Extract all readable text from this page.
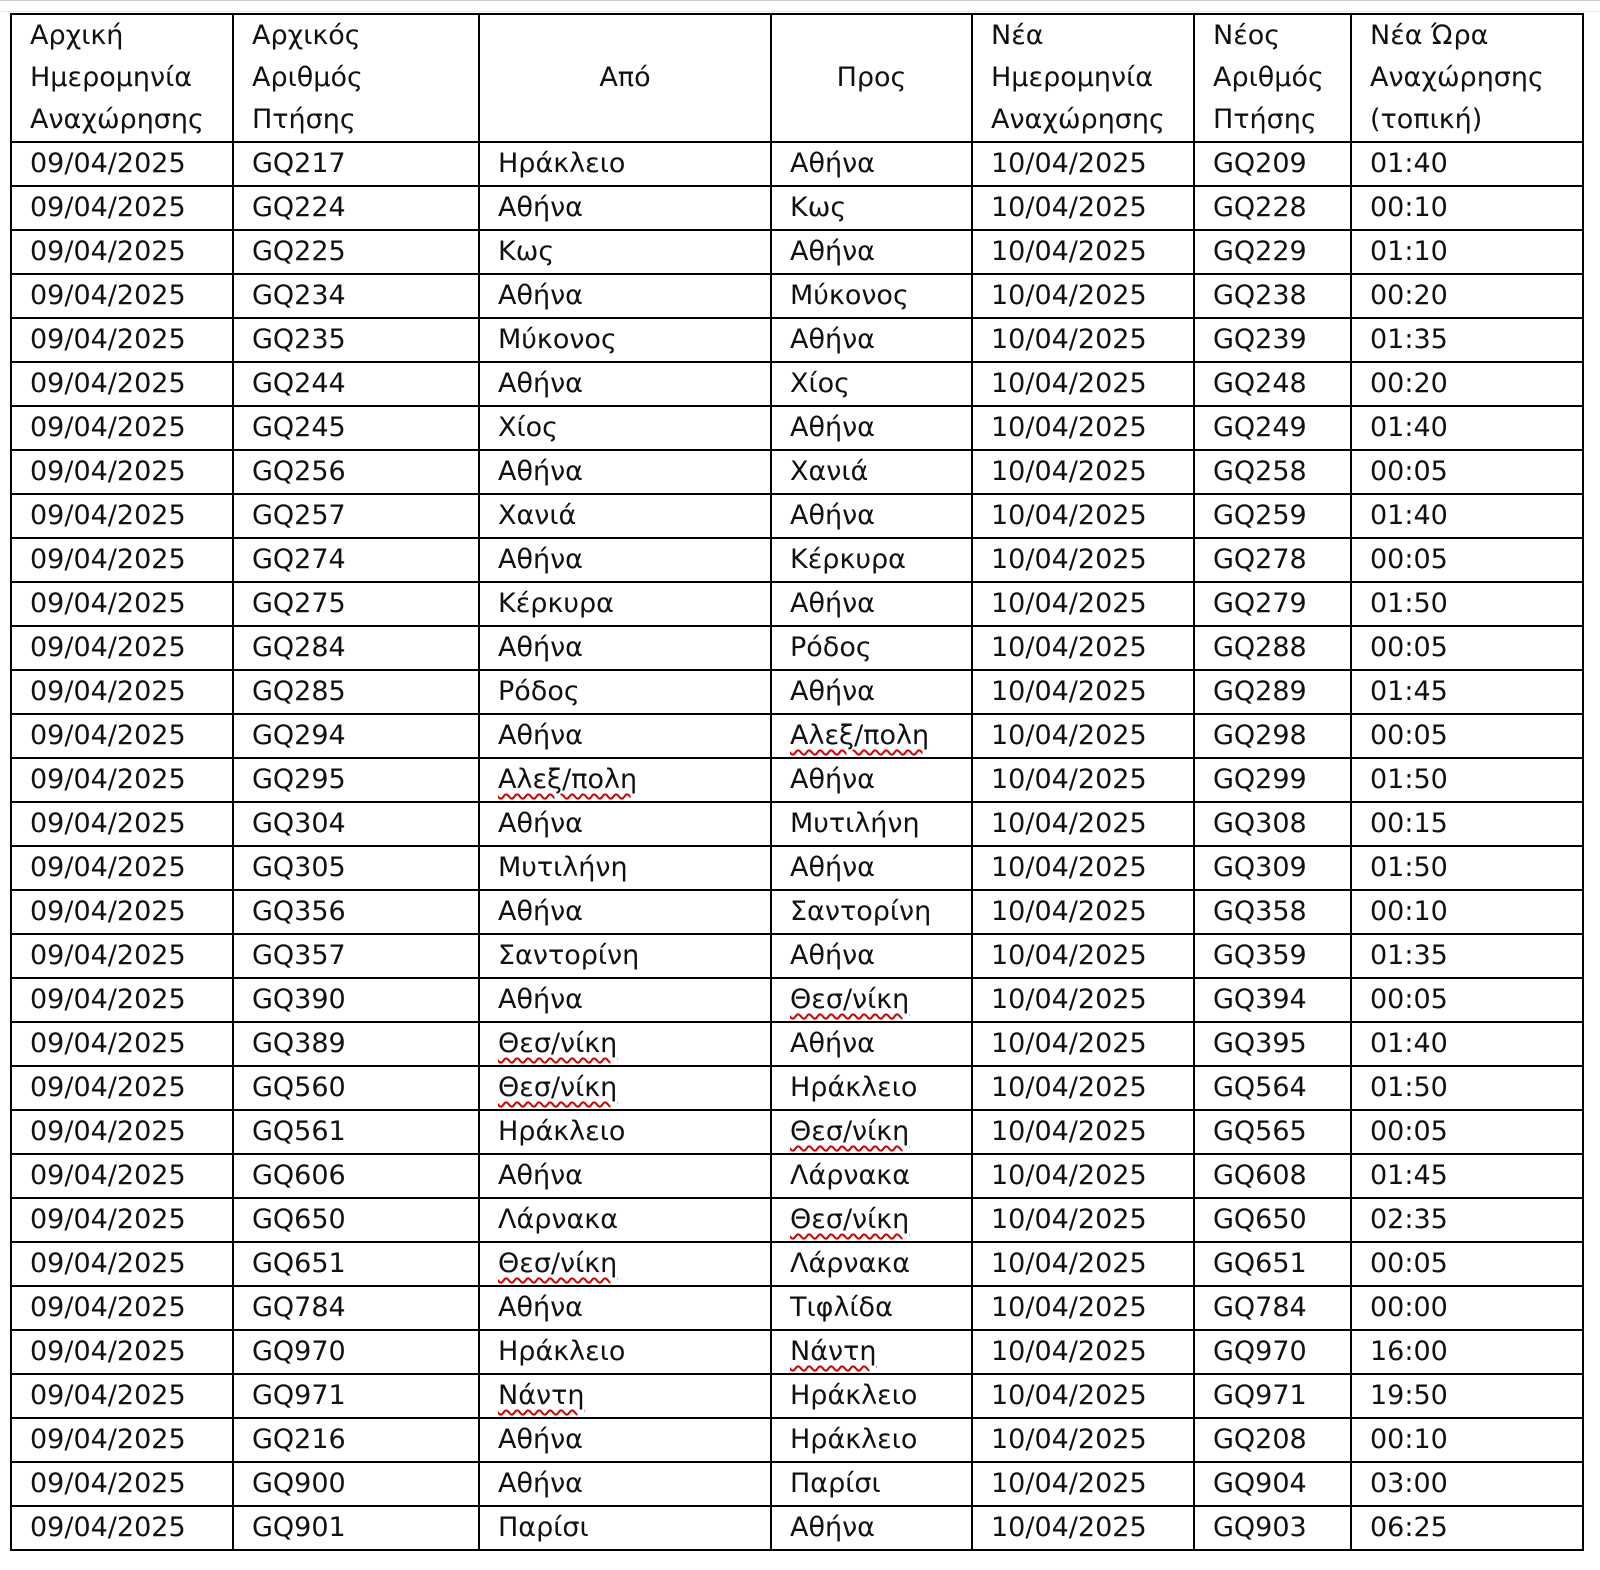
Αρχική
Ημερομηνία
Αναχώρησης	Αρχικός
Αριθμός
Πτήσης	Από	Προς	Νέα
Ημερομηνία
Αναχώρησης	Νέος
Αριθμός
Πτήσης	Νέα Ώρα
Αναχώρησης
(τοπική)

09/04/2025	GQ217	Ηράκλειο	Αθήνα	10/04/2025	GQ209	01:40
09/04/2025	GQ224	Αθήνα	Κως	10/04/2025	GQ228	00:10
09/04/2025	GQ225	Κως	Αθήνα	10/04/2025	GQ229	01:10
09/04/2025	GQ234	Αθήνα	Μύκονος	10/04/2025	GQ238	00:20
09/04/2025	GQ235	Μύκονος	Αθήνα	10/04/2025	GQ239	01:35
09/04/2025	GQ244	Αθήνα	Χίος	10/04/2025	GQ248	00:20
09/04/2025	GQ245	Χίος	Αθήνα	10/04/2025	GQ249	01:40
09/04/2025	GQ256	Αθήνα	Χανιά	10/04/2025	GQ258	00:05
09/04/2025	GQ257	Χανιά	Αθήνα	10/04/2025	GQ259	01:40
09/04/2025	GQ274	Αθήνα	Κέρκυρα	10/04/2025	GQ278	00:05
09/04/2025	GQ275	Κέρκυρα	Αθήνα	10/04/2025	GQ279	01:50
09/04/2025	GQ284	Αθήνα	Ρόδος	10/04/2025	GQ288	00:05
09/04/2025	GQ285	Ρόδος	Αθήνα	10/04/2025	GQ289	01:45
09/04/2025	GQ294	Αθήνα	Αλεξ/πολη	10/04/2025	GQ298	00:05
09/04/2025	GQ295	Αλεξ/πολη	Αθήνα	10/04/2025	GQ299	01:50
09/04/2025	GQ304	Αθήνα	Μυτιλήνη	10/04/2025	GQ308	00:15
09/04/2025	GQ305	Μυτιλήνη	Αθήνα	10/04/2025	GQ309	01:50
09/04/2025	GQ356	Αθήνα	Σαντορίνη	10/04/2025	GQ358	00:10
09/04/2025	GQ357	Σαντορίνη	Αθήνα	10/04/2025	GQ359	01:35
09/04/2025	GQ390	Αθήνα	Θεσ/νίκη	10/04/2025	GQ394	00:05
09/04/2025	GQ389	Θεσ/νίκη	Αθήνα	10/04/2025	GQ395	01:40
09/04/2025	GQ560	Θεσ/νίκη	Ηράκλειο	10/04/2025	GQ564	01:50
09/04/2025	GQ561	Ηράκλειο	Θεσ/νίκη	10/04/2025	GQ565	00:05
09/04/2025	GQ606	Αθήνα	Λάρνακα	10/04/2025	GQ608	01:45
09/04/2025	GQ650	Λάρνακα	Θεσ/νίκη	10/04/2025	GQ650	02:35
09/04/2025	GQ651	Θεσ/νίκη	Λάρνακα	10/04/2025	GQ651	00:05
09/04/2025	GQ784	Αθήνα	Τιφλίδα	10/04/2025	GQ784	00:00
09/04/2025	GQ970	Ηράκλειο	Νάντη	10/04/2025	GQ970	16:00
09/04/2025	GQ971	Νάντη	Ηράκλειο	10/04/2025	GQ971	19:50
09/04/2025	GQ216	Αθήνα	Ηράκλειο	10/04/2025	GQ208	00:10
09/04/2025	GQ900	Αθήνα	Παρίσι	10/04/2025	GQ904	03:00
09/04/2025	GQ901	Παρίσι	Αθήνα	10/04/2025	GQ903	06:25
